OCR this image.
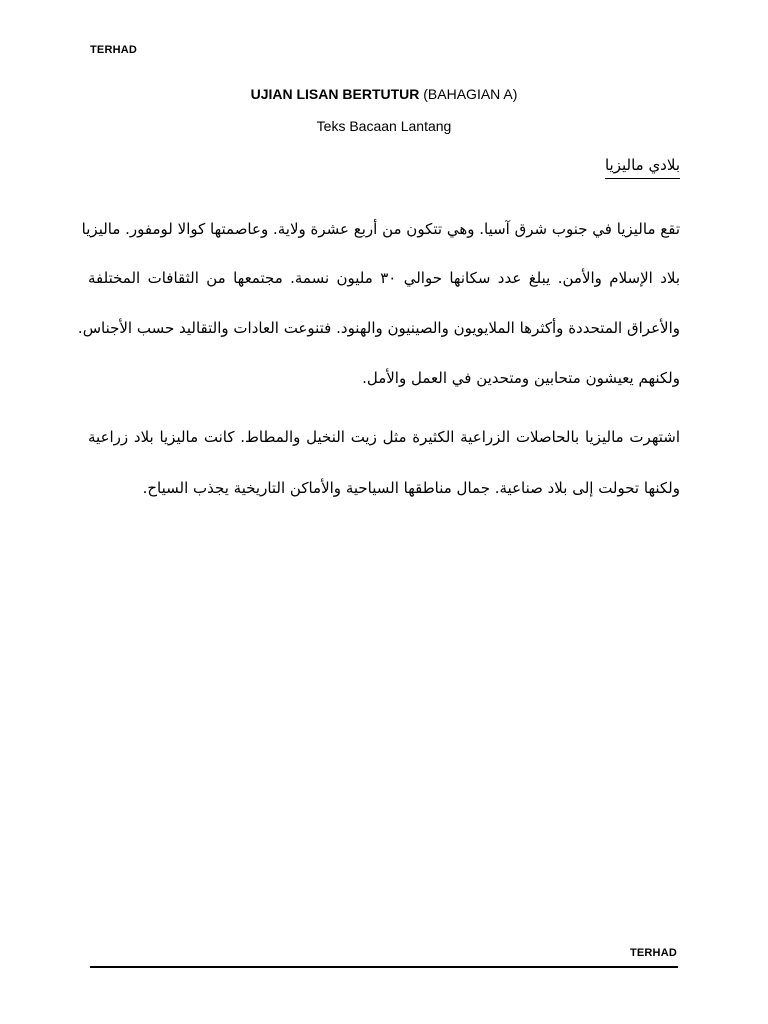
TERHAD
UJIAN LISAN BERTUTUR (BAHAGIAN A)
Teks Bacaan Lantang
بلادي ماليزيا
تقع ماليزيا في جنوب شرق آسيا. وهي تتكون من أربع عشرة ولاية. وعاصمتها كوالا لومفور. ماليزيا
بلاد الإسلام والأمن. يبلغ عدد سكانها حوالي ٣٠ مليون نسمة. مجتمعها من الثقافات المختلفة
والأعراق المتحددة وأكثرها الملايويون والصينيون والهنود. فتنوعت العادات والتقاليد حسب الأجناس.
ولكنهم يعيشون متحابين ومتحدين في العمل والأمل.
اشتهرت ماليزيا بالحاصلات الزراعية الكثيرة مثل زيت النخيل والمطاط. كانت ماليزيا بلاد زراعية
ولكنها تحولت إلى بلاد صناعية. جمال مناطقها السياحية والأماكن التاريخية يجذب السياح.
TERHAD
